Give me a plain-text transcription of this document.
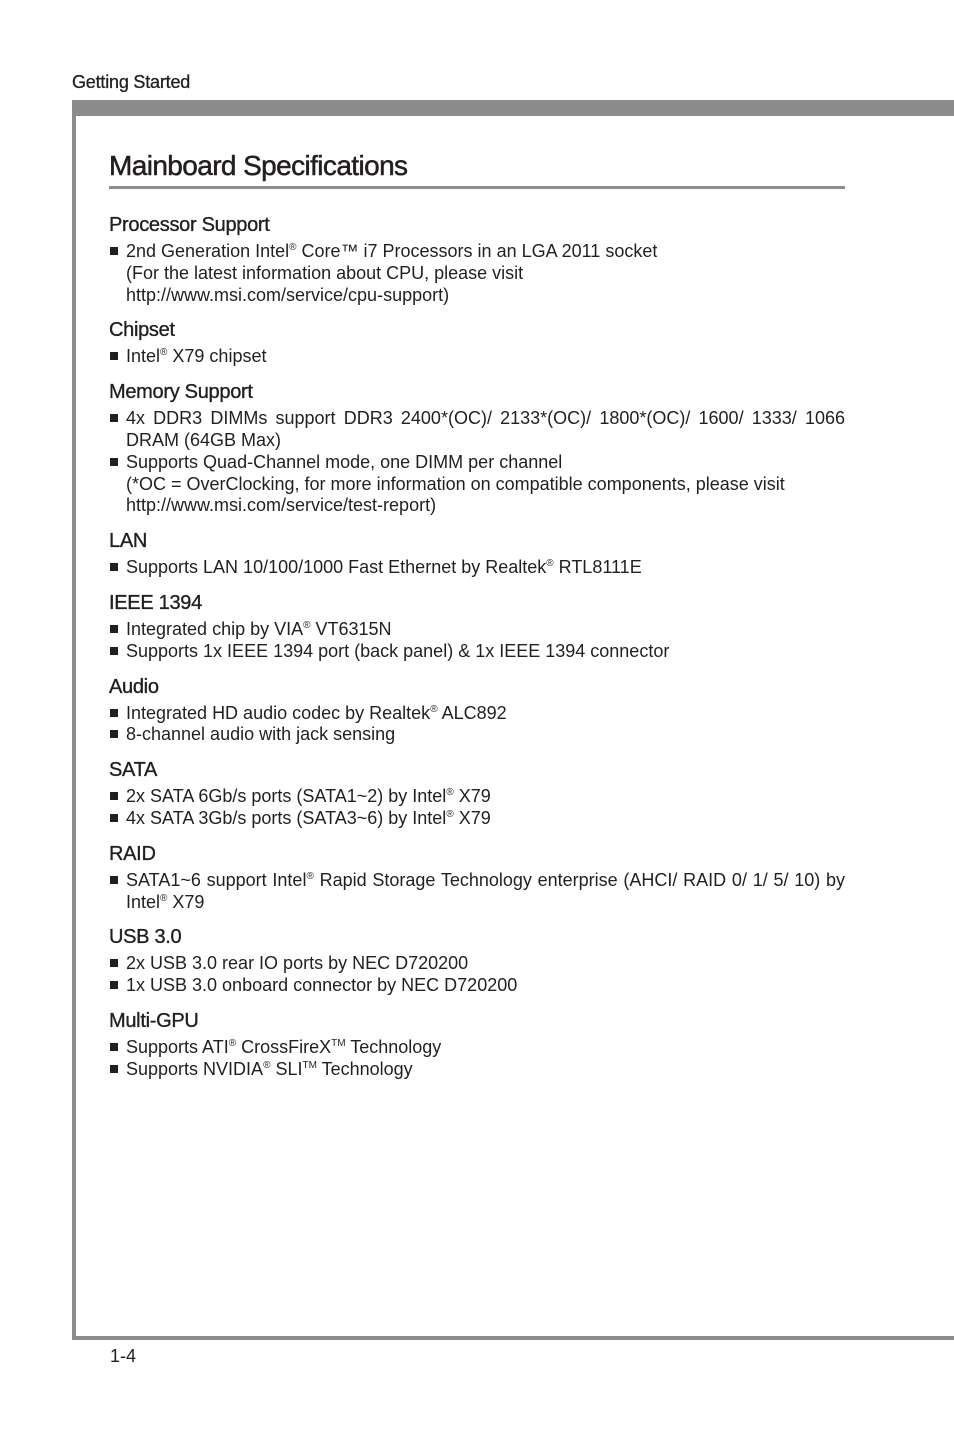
Getting Started
Mainboard Specifications
Processor Support
2nd Generation Intel® Core™ i7 Processors in an LGA 2011 socket
(For the latest information about CPU, please visit
http://www.msi.com/service/cpu-support)
Chipset
Intel® X79 chipset
Memory Support
4x DDR3 DIMMs support DDR3 2400*(OC)/ 2133*(OC)/ 1800*(OC)/ 1600/ 1333/ 1066 DRAM (64GB Max)
Supports Quad-Channel mode, one DIMM per channel
(*OC = OverClocking, for more information on compatible components, please visit
http://www.msi.com/service/test-report)
LAN
Supports LAN 10/100/1000 Fast Ethernet by Realtek® RTL8111E
IEEE 1394
Integrated chip by VIA® VT6315N
Supports 1x IEEE 1394 port (back panel) & 1x IEEE 1394 connector
Audio
Integrated HD audio codec by Realtek® ALC892
8-channel audio with jack sensing
SATA
2x SATA 6Gb/s ports (SATA1~2) by Intel® X79
4x SATA 3Gb/s ports (SATA3~6) by Intel® X79
RAID
SATA1~6 support Intel® Rapid Storage Technology enterprise (AHCI/ RAID 0/ 1/ 5/ 10) by Intel® X79
USB 3.0
2x USB 3.0 rear IO ports by NEC D720200
1x USB 3.0 onboard connector by NEC D720200
Multi-GPU
Supports ATI® CrossFireX™ Technology
Supports NVIDIA® SLI™ Technology
1-4
